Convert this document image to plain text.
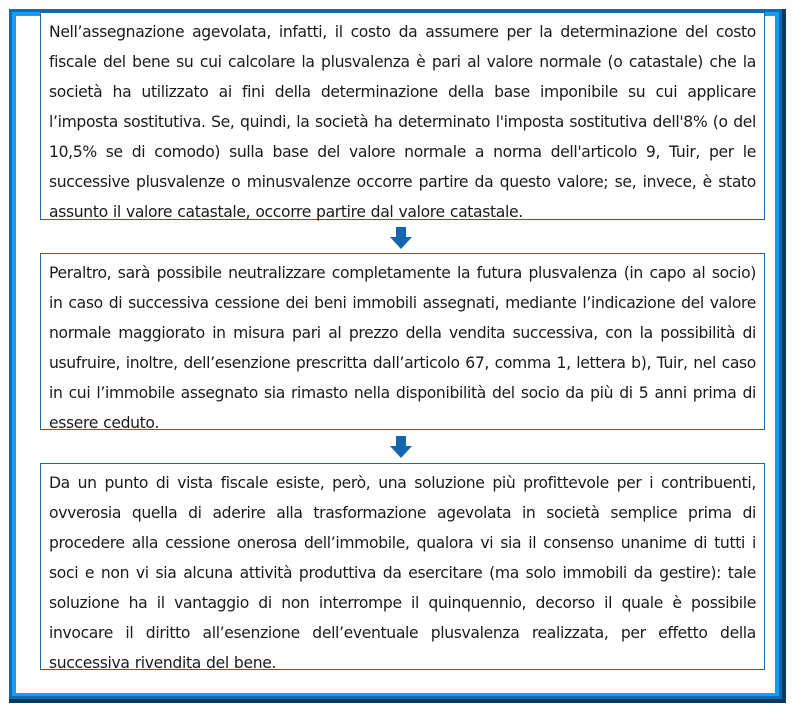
Nell’assegnazione agevolata, infatti, il costo da assumere per la determinazione del costo fiscale del bene su cui calcolare la plusvalenza è pari al valore normale (o catastale) che la società ha utilizzato ai fini della determinazione della base imponibile su cui applicare l’imposta sostitutiva. Se, quindi, la società ha determinato l'imposta sostitutiva dell'8% (o del 10,5% se di comodo) sulla base del valore normale a norma dell'articolo 9, Tuir, per le successive plusvalenze o minusvalenze occorre partire da questo valore; se, invece, è stato assunto il valore catastale, occorre partire dal valore catastale.

Peraltro, sarà possibile neutralizzare completamente la futura plusvalenza (in capo al socio) in caso di successiva cessione dei beni immobili assegnati, mediante l’indicazione del valore normale maggiorato in misura pari al prezzo della vendita successiva, con la possibilità di usufruire, inoltre, dell’esenzione prescritta dall’articolo 67, comma 1, lettera b), Tuir, nel caso in cui l’immobile assegnato sia rimasto nella disponibilità del socio da più di 5 anni prima di essere ceduto.

Da un punto di vista fiscale esiste, però, una soluzione più profittevole per i contribuenti, ovverosia quella di aderire alla trasformazione agevolata in società semplice prima di procedere alla cessione onerosa dell’immobile, qualora vi sia il consenso unanime di tutti i soci e non vi sia alcuna attività produttiva da esercitare (ma solo immobili da gestire): tale soluzione ha il vantaggio di non interrompe il quinquennio, decorso il quale è possibile invocare il diritto all’esenzione dell’eventuale plusvalenza realizzata, per effetto della successiva rivendita del bene.
